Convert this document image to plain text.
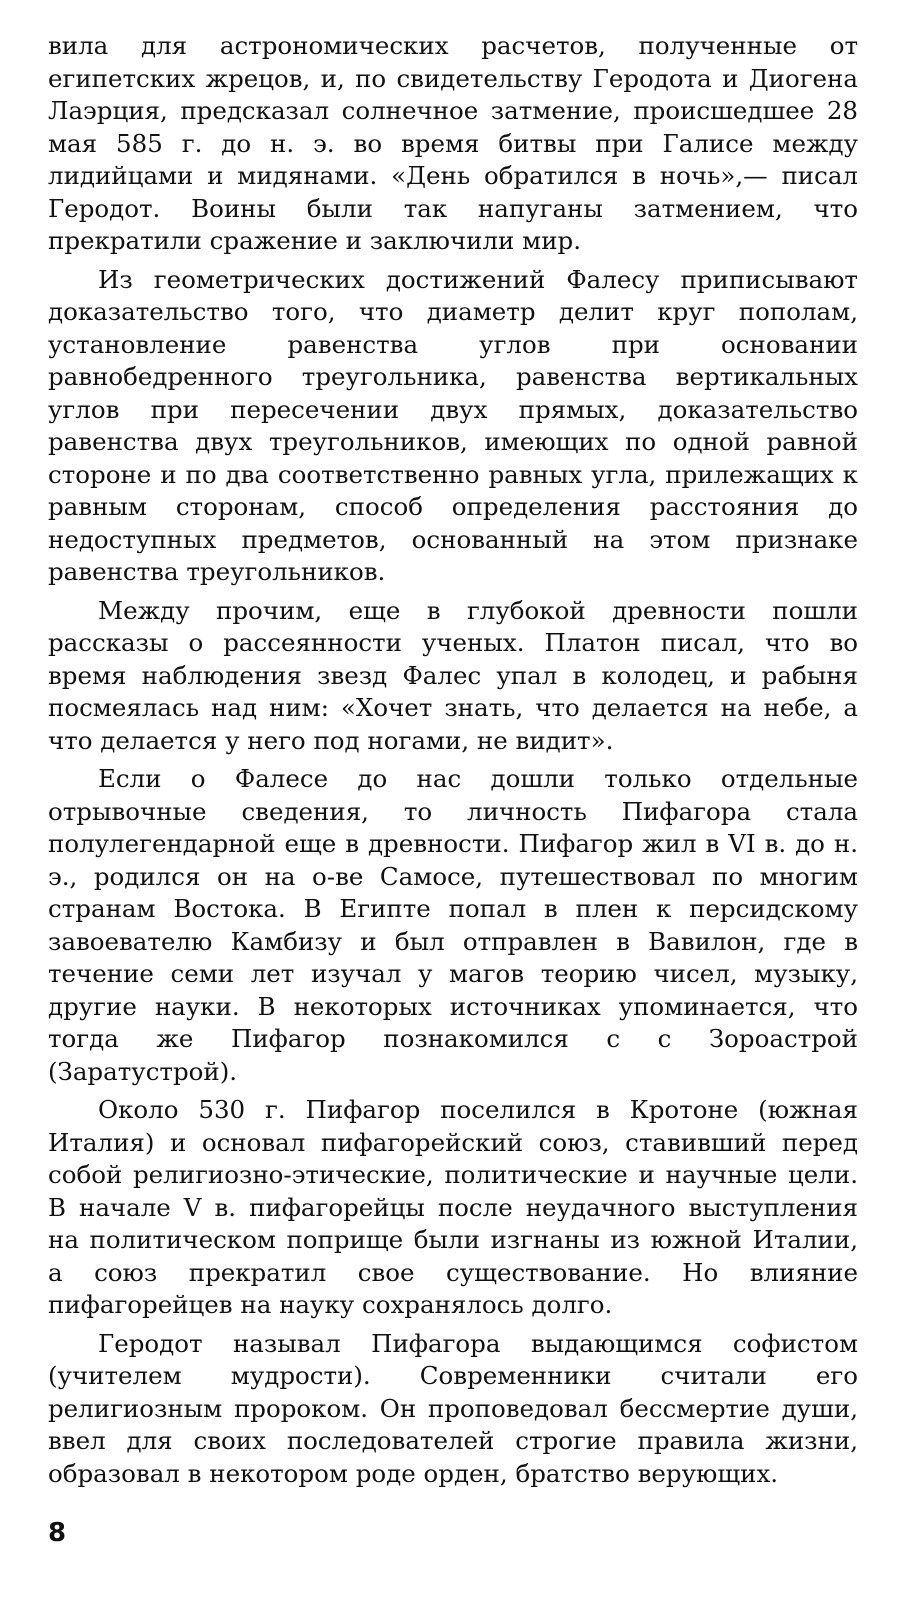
вила для астрономических расчетов, полученные от египетских жрецов, и, по свидетельству Геродота и Диогена Лаэрция, предсказал солнечное затмение, происшедшее 28 мая 585 г. до н. э. во время битвы при Галисе между лидийцами и мидянами. «День обратился в ночь»,— писал Геродот. Воины были так напуганы затмением, что прекратили сражение и заключили мир.

Из геометрических достижений Фалесу приписывают доказательство того, что диаметр делит круг пополам, установление равенства углов при основании равнобедренного треугольника, равенства вертикальных углов при пересечении двух прямых, доказательство равенства двух треугольников, имеющих по одной равной стороне и по два соответственно равных угла, прилежащих к равным сторонам, способ определения расстояния до недоступных предметов, основанный на этом признаке равенства треугольников.

Между прочим, еще в глубокой древности пошли рассказы о рассеянности ученых. Платон писал, что во время наблюдения звезд Фалес упал в колодец, и рабыня посмеялась над ним: «Хочет знать, что делается на небе, а что делается у него под ногами, не видит».

Если о Фалесе до нас дошли только отдельные отрывочные сведения, то личность Пифагора стала полулегендарной еще в древности. Пифагор жил в VI в. до н. э., родился он на о-ве Самосе, путешествовал по многим странам Востока. В Египте попал в плен к персидскому завоевателю Камбизу и был отправлен в Вавилон, где в течение семи лет изучал у магов теорию чисел, музыку, другие науки. В некоторых источниках упоминается, что тогда же Пифагор познакомился с с Зороастрой (Заратустрой).

Около 530 г. Пифагор поселился в Кротоне (южная Италия) и основал пифагорейский союз, ставивший перед собой религиозно-этические, политические и научные цели. В начале V в. пифагорейцы после неудачного выступления на политическом поприще были изгнаны из южной Италии, а союз прекратил свое существование. Но влияние пифагорейцев на науку сохранялось долго.

Геродот называл Пифагора выдающимся софистом (учителем мудрости). Современники считали его религиозным пророком. Он проповедовал бессмертие души, ввел для своих последователей строгие правила жизни, образовал в некотором роде орден, братство верующих.

8
